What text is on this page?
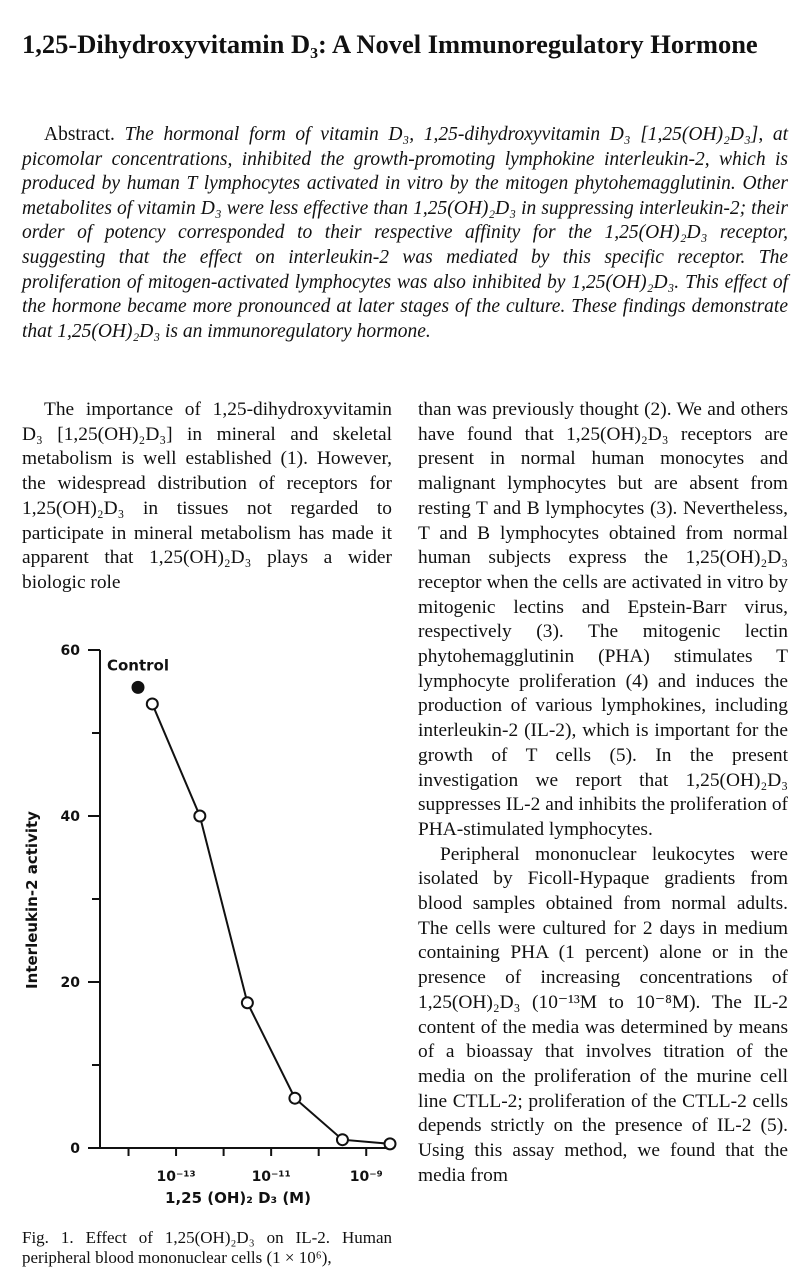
1,25-Dihydroxyvitamin D₃: A Novel Immunoregulatory Hormone

Abstract. The hormonal form of vitamin D₃, 1,25-dihydroxyvitamin D₃ [1,25(OH)₂D₃], at picomolar concentrations, inhibited the growth-promoting lymphokine interleukin-2, which is produced by human T lymphocytes activated in vitro by the mitogen phytohemagglutinin. Other metabolites of vitamin D₃ were less effective than 1,25(OH)₂D₃ in suppressing interleukin-2; their order of potency corresponded to their respective affinity for the 1,25(OH)₂D₃ receptor, suggesting that the effect on interleukin-2 was mediated by this specific receptor. The proliferation of mitogen-activated lymphocytes was also inhibited by 1,25(OH)₂D₃. This effect of the hormone became more pronounced at later stages of the culture. These findings demonstrate that 1,25(OH)₂D₃ is an immunoregulatory hormone.

The importance of 1,25-dihydroxyvitamin D₃ [1,25(OH)₂D₃] in mineral and skeletal metabolism is well established (1). However, the widespread distribution of receptors for 1,25(OH)₂D₃ in tissues not regarded to participate in mineral metabolism has made it apparent that 1,25(OH)₂D₃ plays a wider biologic role

0
20
40
60
10⁻¹³	10⁻¹¹	10⁻⁹
Control
Interleukin-2 activity
1,25 (OH)₂ D₃ (M)

Fig. 1. Effect of 1,25(OH)₂D₃ on IL-2. Human peripheral blood mononuclear cells (1 × 10⁶),

than was previously thought (2). We and others have found that 1,25(OH)₂D₃ receptors are present in normal human monocytes and malignant lymphocytes but are absent from resting T and B lymphocytes (3). Nevertheless, T and B lymphocytes obtained from normal human subjects express the 1,25(OH)₂D₃ receptor when the cells are activated in vitro by mitogenic lectins and Epstein-Barr virus, respectively (3). The mitogenic lectin phytohemagglutinin (PHA) stimulates T lymphocyte proliferation (4) and induces the production of various lymphokines, including interleukin-2 (IL-2), which is important for the growth of T cells (5). In the present investigation we report that 1,25(OH)₂D₃ suppresses IL-2 and inhibits the proliferation of PHA-stimulated lymphocytes.

Peripheral mononuclear leukocytes were isolated by Ficoll-Hypaque gradients from blood samples obtained from normal adults. The cells were cultured for 2 days in medium containing PHA (1 percent) alone or in the presence of increasing concentrations of 1,25(OH)₂D₃ (10⁻¹³M to 10⁻⁸M). The IL-2 content of the media was determined by means of a bioassay that involves titration of the media on the proliferation of the murine cell line CTLL-2; proliferation of the CTLL-2 cells depends strictly on the presence of IL-2 (5). Using this assay method, we found that the media from
